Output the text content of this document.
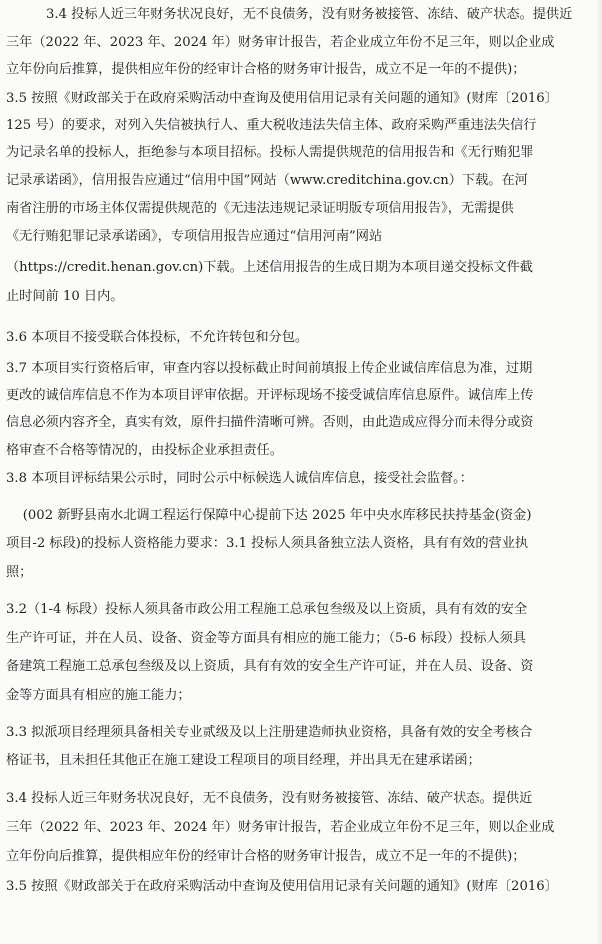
3.4 投标人近三年财务状况良好，无不良债务，没有财务被接管、冻结、破产状态。提供近
三年（2022 年、2023 年、2024 年）财务审计报告，若企业成立年份不足三年，则以企业成
立年份向后推算，提供相应年份的经审计合格的财务审计报告，成立不足一年的不提供)；
3.5 按照《财政部关于在政府采购活动中查询及使用信用记录有关问题的通知》(财库〔2016〕
125 号）的要求，对列入失信被执行人、重大税收违法失信主体、政府采购严重违法失信行
为记录名单的投标人，拒绝参与本项目招标。投标人需提供规范的信用报告和《无行贿犯罪
记录承诺函》，信用报告应通过“信用中国”网站（www.creditchina.gov.cn）下载。在河
南省注册的市场主体仅需提供规范的《无违法违规记录证明版专项信用报告》，无需提供
《无行贿犯罪记录承诺函》，专项信用报告应通过“信用河南”网站
（https://credit.henan.gov.cn)下载。上述信用报告的生成日期为本项目递交投标文件截
止时间前 10 日内。
3.6 本项目不接受联合体投标，不允许转包和分包。
3.7 本项目实行资格后审，审查内容以投标截止时间前填报上传企业诚信库信息为准，过期
更改的诚信库信息不作为本项目评审依据。开评标现场不接受诚信库信息原件。诚信库上传
信息必须内容齐全，真实有效，原件扫描件清晰可辨。否则，由此造成应得分而未得分或资
格审查不合格等情况的，由投标企业承担责任。
3.8 本项目评标结果公示时，同时公示中标候选人诚信库信息，接受社会监督。：
(002 新野县南水北调工程运行保障中心提前下达 2025 年中央水库移民扶持基金(资金)
项目-2 标段)的投标人资格能力要求：3.1 投标人须具备独立法人资格，具有有效的营业执
照；
3.2（1-4 标段）投标人须具备市政公用工程施工总承包叁级及以上资质，具有有效的安全
生产许可证，并在人员、设备、资金等方面具有相应的施工能力；（5-6 标段）投标人须具
备建筑工程施工总承包叁级及以上资质，具有有效的安全生产许可证，并在人员、设备、资
金等方面具有相应的施工能力；
3.3 拟派项目经理须具备相关专业贰级及以上注册建造师执业资格，具备有效的安全考核合
格证书，且未担任其他正在施工建设工程项目的项目经理，并出具无在建承诺函；
3.4 投标人近三年财务状况良好，无不良债务，没有财务被接管、冻结、破产状态。提供近
三年（2022 年、2023 年、2024 年）财务审计报告，若企业成立年份不足三年，则以企业成
立年份向后推算，提供相应年份的经审计合格的财务审计报告，成立不足一年的不提供)；
3.5 按照《财政部关于在政府采购活动中查询及使用信用记录有关问题的通知》(财库〔2016〕
